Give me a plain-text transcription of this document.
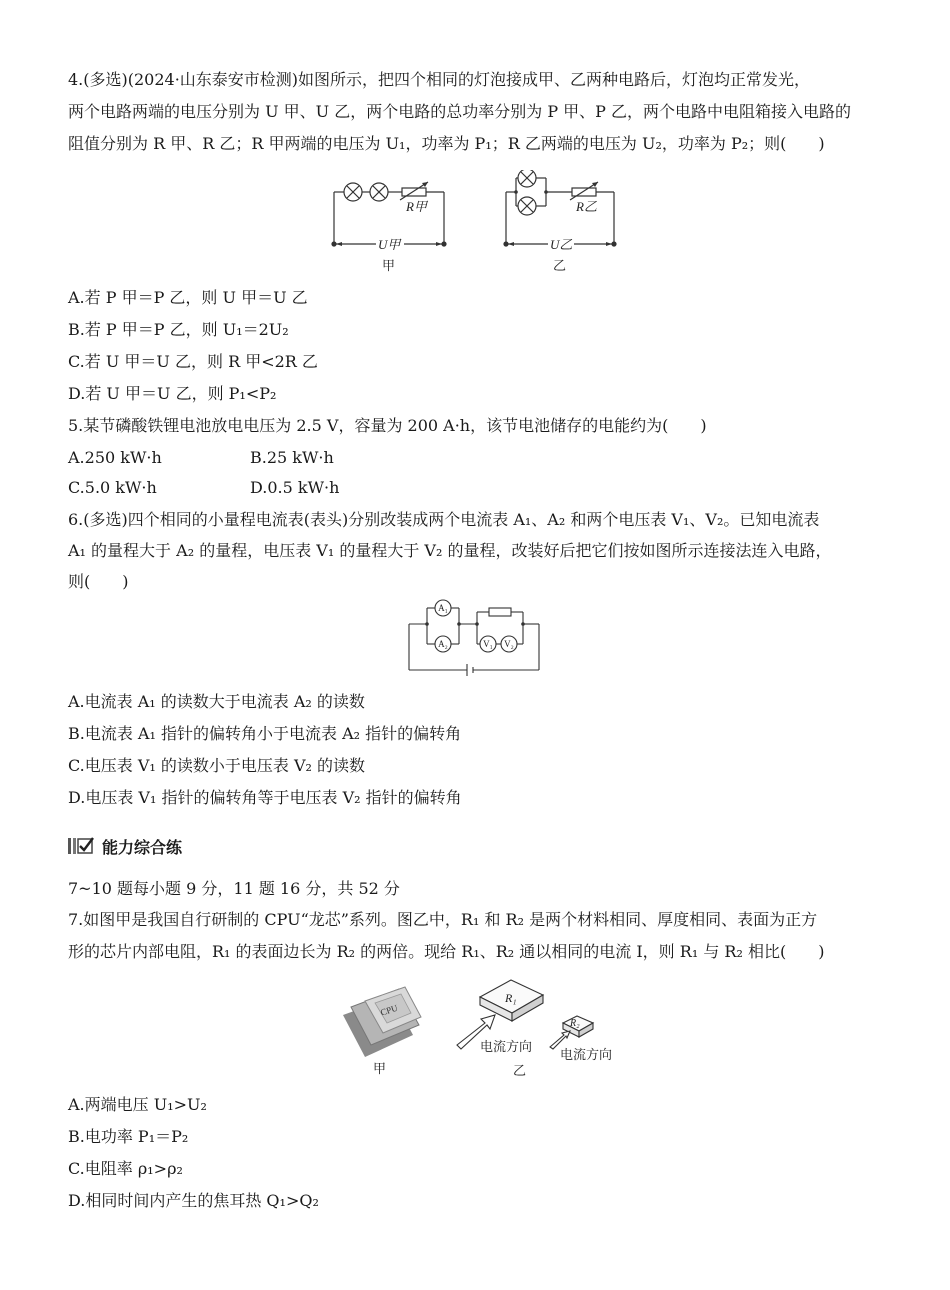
4.(多选)(2024·山东泰安市检测)如图所示，把四个相同的灯泡接成甲、乙两种电路后，灯泡均正常发光，
两个电路两端的电压分别为 U 甲、U 乙，两个电路的总功率分别为 P 甲、P 乙，两个电路中电阻箱接入电路的
阻值分别为 R 甲、R 乙；R 甲两端的电压为 U₁，功率为 P₁；R 乙两端的电压为 U₂，功率为 P₂；则(　　)
R甲
U甲
甲
R乙
U乙
乙
A.若 P 甲＝P 乙，则 U 甲＝U 乙
B.若 P 甲＝P 乙，则 U₁＝2U₂
C.若 U 甲＝U 乙，则 R 甲<2R 乙
D.若 U 甲＝U 乙，则 P₁<P₂
5.某节磷酸铁锂电池放电电压为 2.5 V，容量为 200 A·h，该节电池储存的电能约为(　　)
A.250 kW·h	B.25 kW·h
C.5.0 kW·h	D.0.5 kW·h
6.(多选)四个相同的小量程电流表(表头)分别改装成两个电流表 A₁、A₂ 和两个电压表 V₁、V₂。已知电流表
A₁ 的量程大于 A₂ 的量程，电压表 V₁ 的量程大于 V₂ 的量程，改装好后把它们按如图所示连接法连入电路，
则(　　)
A₁
A₂	V₁ V₂
A.电流表 A₁ 的读数大于电流表 A₂ 的读数
B.电流表 A₁ 指针的偏转角小于电流表 A₂ 指针的偏转角
C.电压表 V₁ 的读数小于电压表 V₂ 的读数
D.电压表 V₁ 指针的偏转角等于电压表 V₂ 指针的偏转角
能力综合练
7~10 题每小题 9 分，11 题 16 分，共 52 分
7.如图甲是我国自行研制的 CPU“龙芯”系列。图乙中，R₁ 和 R₂ 是两个材料相同、厚度相同、表面为正方
形的芯片内部电阻，R₁ 的表面边长为 R₂ 的两倍。现给 R₁、R₂ 通以相同的电流 I，则 R₁ 与 R₂ 相比(　　)
CPU
甲
R₁
R₂
电流方向
电流方向
乙
A.两端电压 U₁>U₂
B.电功率 P₁＝P₂
C.电阻率 ρ₁>ρ₂
D.相同时间内产生的焦耳热 Q₁>Q₂
